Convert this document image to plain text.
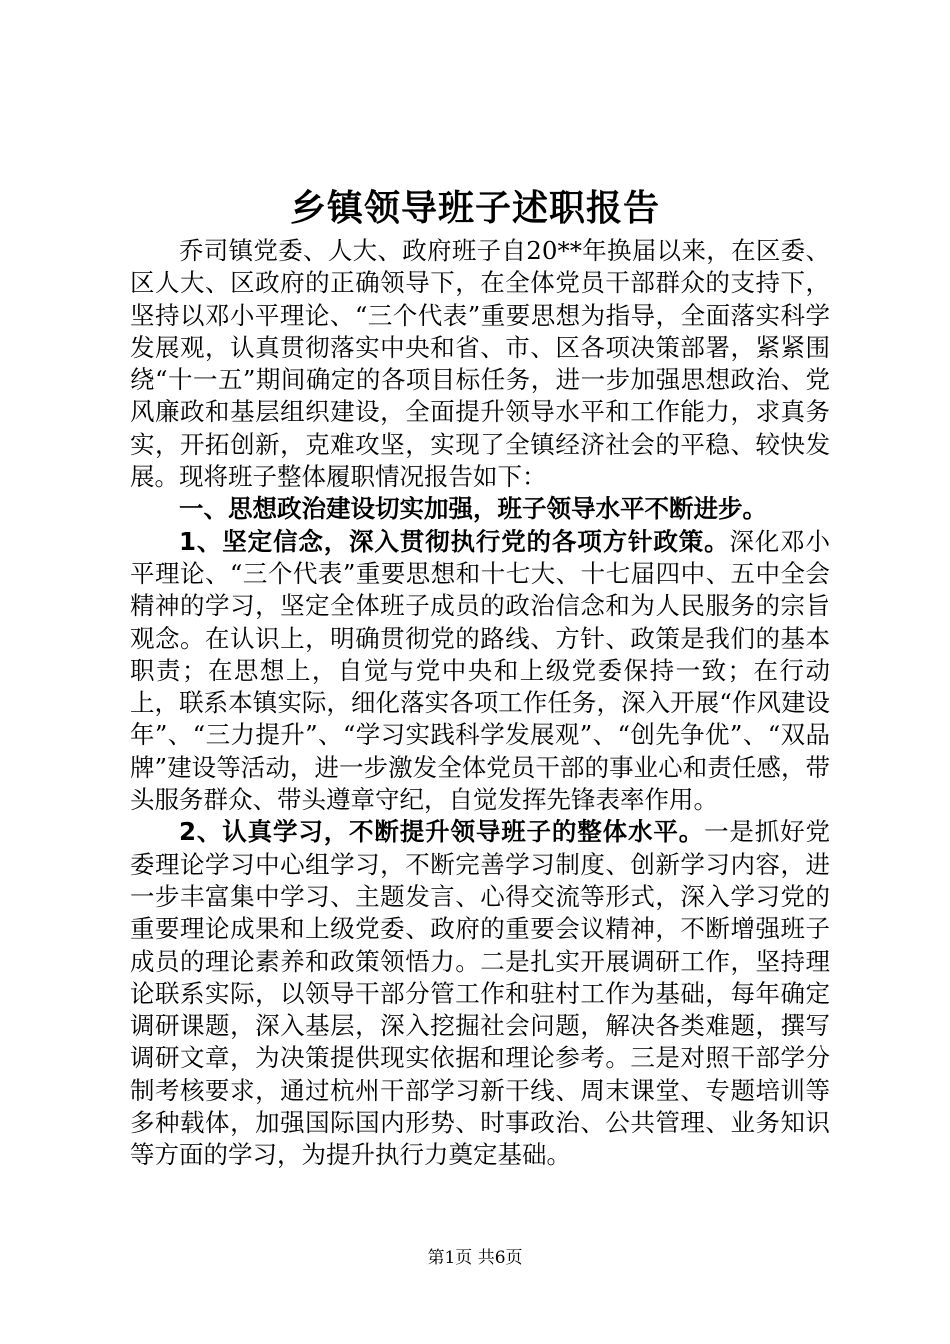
乡镇领导班子述职报告

乔司镇党委、人大、政府班子自20**年换届以来，在区委、区人大、区政府的正确领导下，在全体党员干部群众的支持下，坚持以邓小平理论、“三个代表”重要思想为指导，全面落实科学发展观，认真贯彻落实中央和省、市、区各项决策部署，紧紧围绕“十一五”期间确定的各项目标任务，进一步加强思想政治、党风廉政和基层组织建设，全面提升领导水平和工作能力，求真务实，开拓创新，克难攻坚，实现了全镇经济社会的平稳、较快发展。现将班子整体履职情况报告如下：

一、思想政治建设切实加强，班子领导水平不断进步。

1、坚定信念，深入贯彻执行党的各项方针政策。深化邓小平理论、“三个代表”重要思想和十七大、十七届四中、五中全会精神的学习，坚定全体班子成员的政治信念和为人民服务的宗旨观念。在认识上，明确贯彻党的路线、方针、政策是我们的基本职责；在思想上，自觉与党中央和上级党委保持一致；在行动上，联系本镇实际，细化落实各项工作任务，深入开展“作风建设年”、“三力提升”、“学习实践科学发展观”、“创先争优”、“双品牌”建设等活动，进一步激发全体党员干部的事业心和责任感，带头服务群众、带头遵章守纪，自觉发挥先锋表率作用。

2、认真学习，不断提升领导班子的整体水平。一是抓好党委理论学习中心组学习，不断完善学习制度、创新学习内容，进一步丰富集中学习、主题发言、心得交流等形式，深入学习党的重要理论成果和上级党委、政府的重要会议精神，不断增强班子成员的理论素养和政策领悟力。二是扎实开展调研工作，坚持理论联系实际，以领导干部分管工作和驻村工作为基础，每年确定调研课题，深入基层，深入挖掘社会问题，解决各类难题，撰写调研文章，为决策提供现实依据和理论参考。三是对照干部学分制考核要求，通过杭州干部学习新干线、周末课堂、专题培训等多种载体，加强国际国内形势、时事政治、公共管理、业务知识等方面的学习，为提升执行力奠定基础。

第1页 共6页
